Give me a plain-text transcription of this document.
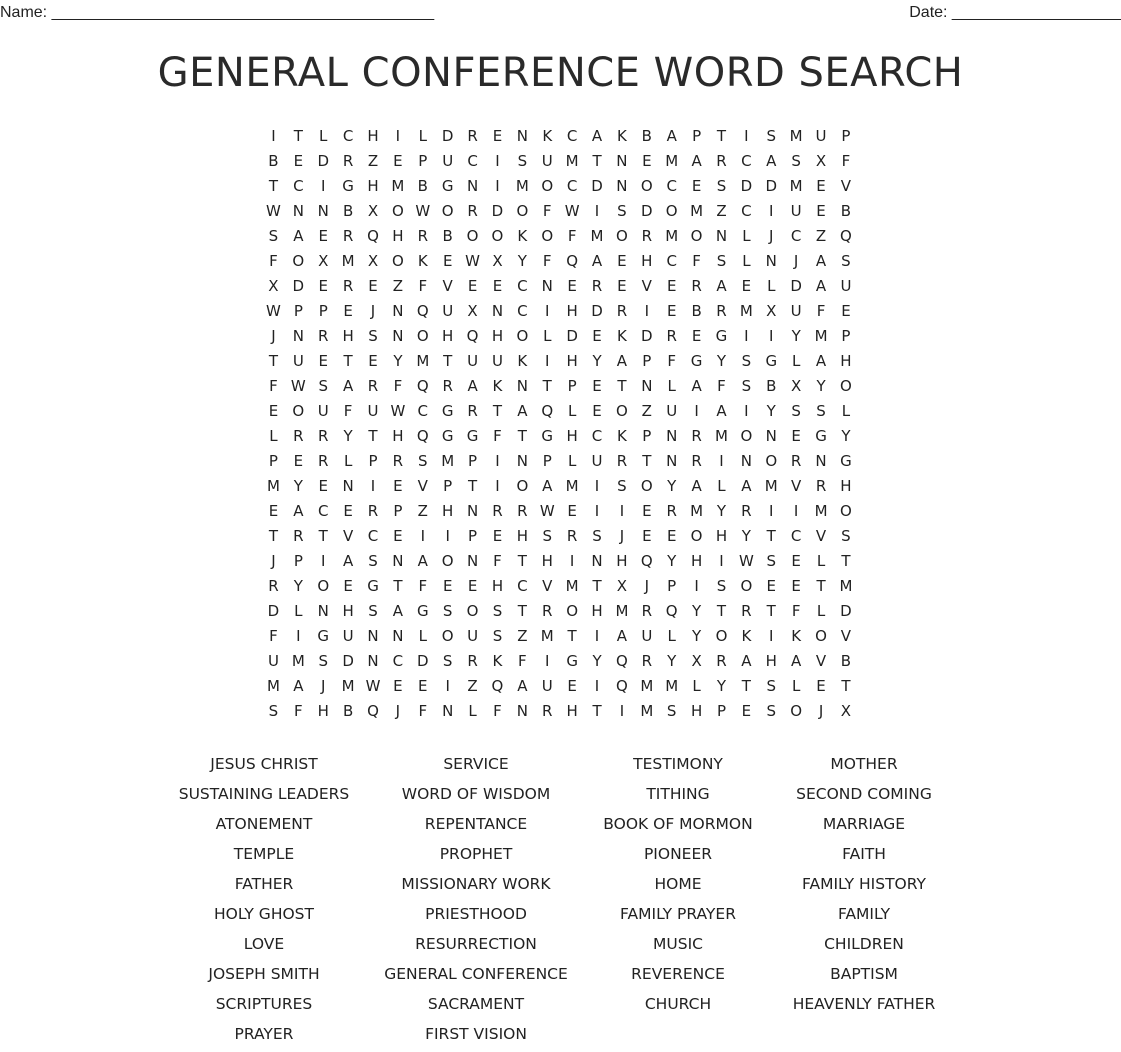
Name: ___________________________________________	Date: ___________________
GENERAL CONFERENCE WORD SEARCH
I	T	L	C H	I	L D R E N K C A K B A	P	T	I	S M U P
B	E D R Z	E	P U C	I	S U M T N E M A R C A S X	F
T	C	I	G H M B G N	I	M O C D N O C E	S D D M E	V
W N N B X O W O R D O F W	I	S D O M Z C	I	U E	B
S	A	E R Q H R B O O K O F M O R M O N	L	J	C Z Q
F O X M X O K	E W X	Y	F Q A	E H C	F	S	L	N	J	A S
X D E R E	Z	F	V	E	E C N E R E	V	E R A	E	L D A U
W P	P	E	J	N Q U X N C	I	H D R	I	E	B R M X U	F	E
J	N R H S N O H Q H O L D E	K D R E G	I	I	Y M P
T U E	T	E	Y M T U U K	I	H Y	A	P	F G Y	S G L	A H
F W S	A R	F Q R A K N T	P	E	T N	L	A	F	S B X	Y O
E O U	F	U W C G R	T	A Q L	E O Z U	I	A	I	Y	S	S	L
L	R R	Y	T H Q G G F	T G H C K	P N R M O N E G Y
P	E R	L	P	R S M P	I	N P	L	U R	T N R	I	N O R N G
M Y	E N	I	E	V	P	T	I	O A M	I	S O Y	A	L	A M V R H
E	A C E R	P	Z H N R R W E	I	I	E R M Y	R	I	I	M O
T	R	T	V C E	I	I	P	E H S R S	J	E	E O H Y	T	C V S
J	P	I	A S N A O N F	T H	I	N H Q Y H	I	W S	E	L	T
R	Y O E G T	F	E	E H C V M T	X	J	P	I	S O E	E	T M
D L	N H S	A G S O S	T	R O H M R Q Y	T	R	T	F	L D
F	I	G U N N	L O U S Z M T	I	A U	L	Y O K	I	K O V
U M S D N C D S R K	F	I	G Y Q R	Y	X R A H A V B
M A	J	M W E	E	I	Z Q A U E	I	Q M M L	Y	T	S	L	E	T
S	F H B Q	J	F N	L	F N R H T	I	M S H P	E	S O	J	X
JESUS CHRIST
SUSTAINING LEADERS
ATONEMENT
TEMPLE
FATHER
HOLY GHOST
LOVE
JOSEPH SMITH
SCRIPTURES
PRAYER
SERVICE
WORD OF WISDOM
REPENTANCE
PROPHET
MISSIONARY WORK
PRIESTHOOD
RESURRECTION
GENERAL CONFERENCE
SACRAMENT
FIRST VISION
TESTIMONY
TITHING
BOOK OF MORMON
PIONEER
HOME
FAMILY PRAYER
MUSIC
REVERENCE
CHURCH
MOTHER
SECOND COMING
MARRIAGE
FAITH
FAMILY HISTORY
FAMILY
CHILDREN
BAPTISM
HEAVENLY FATHER
